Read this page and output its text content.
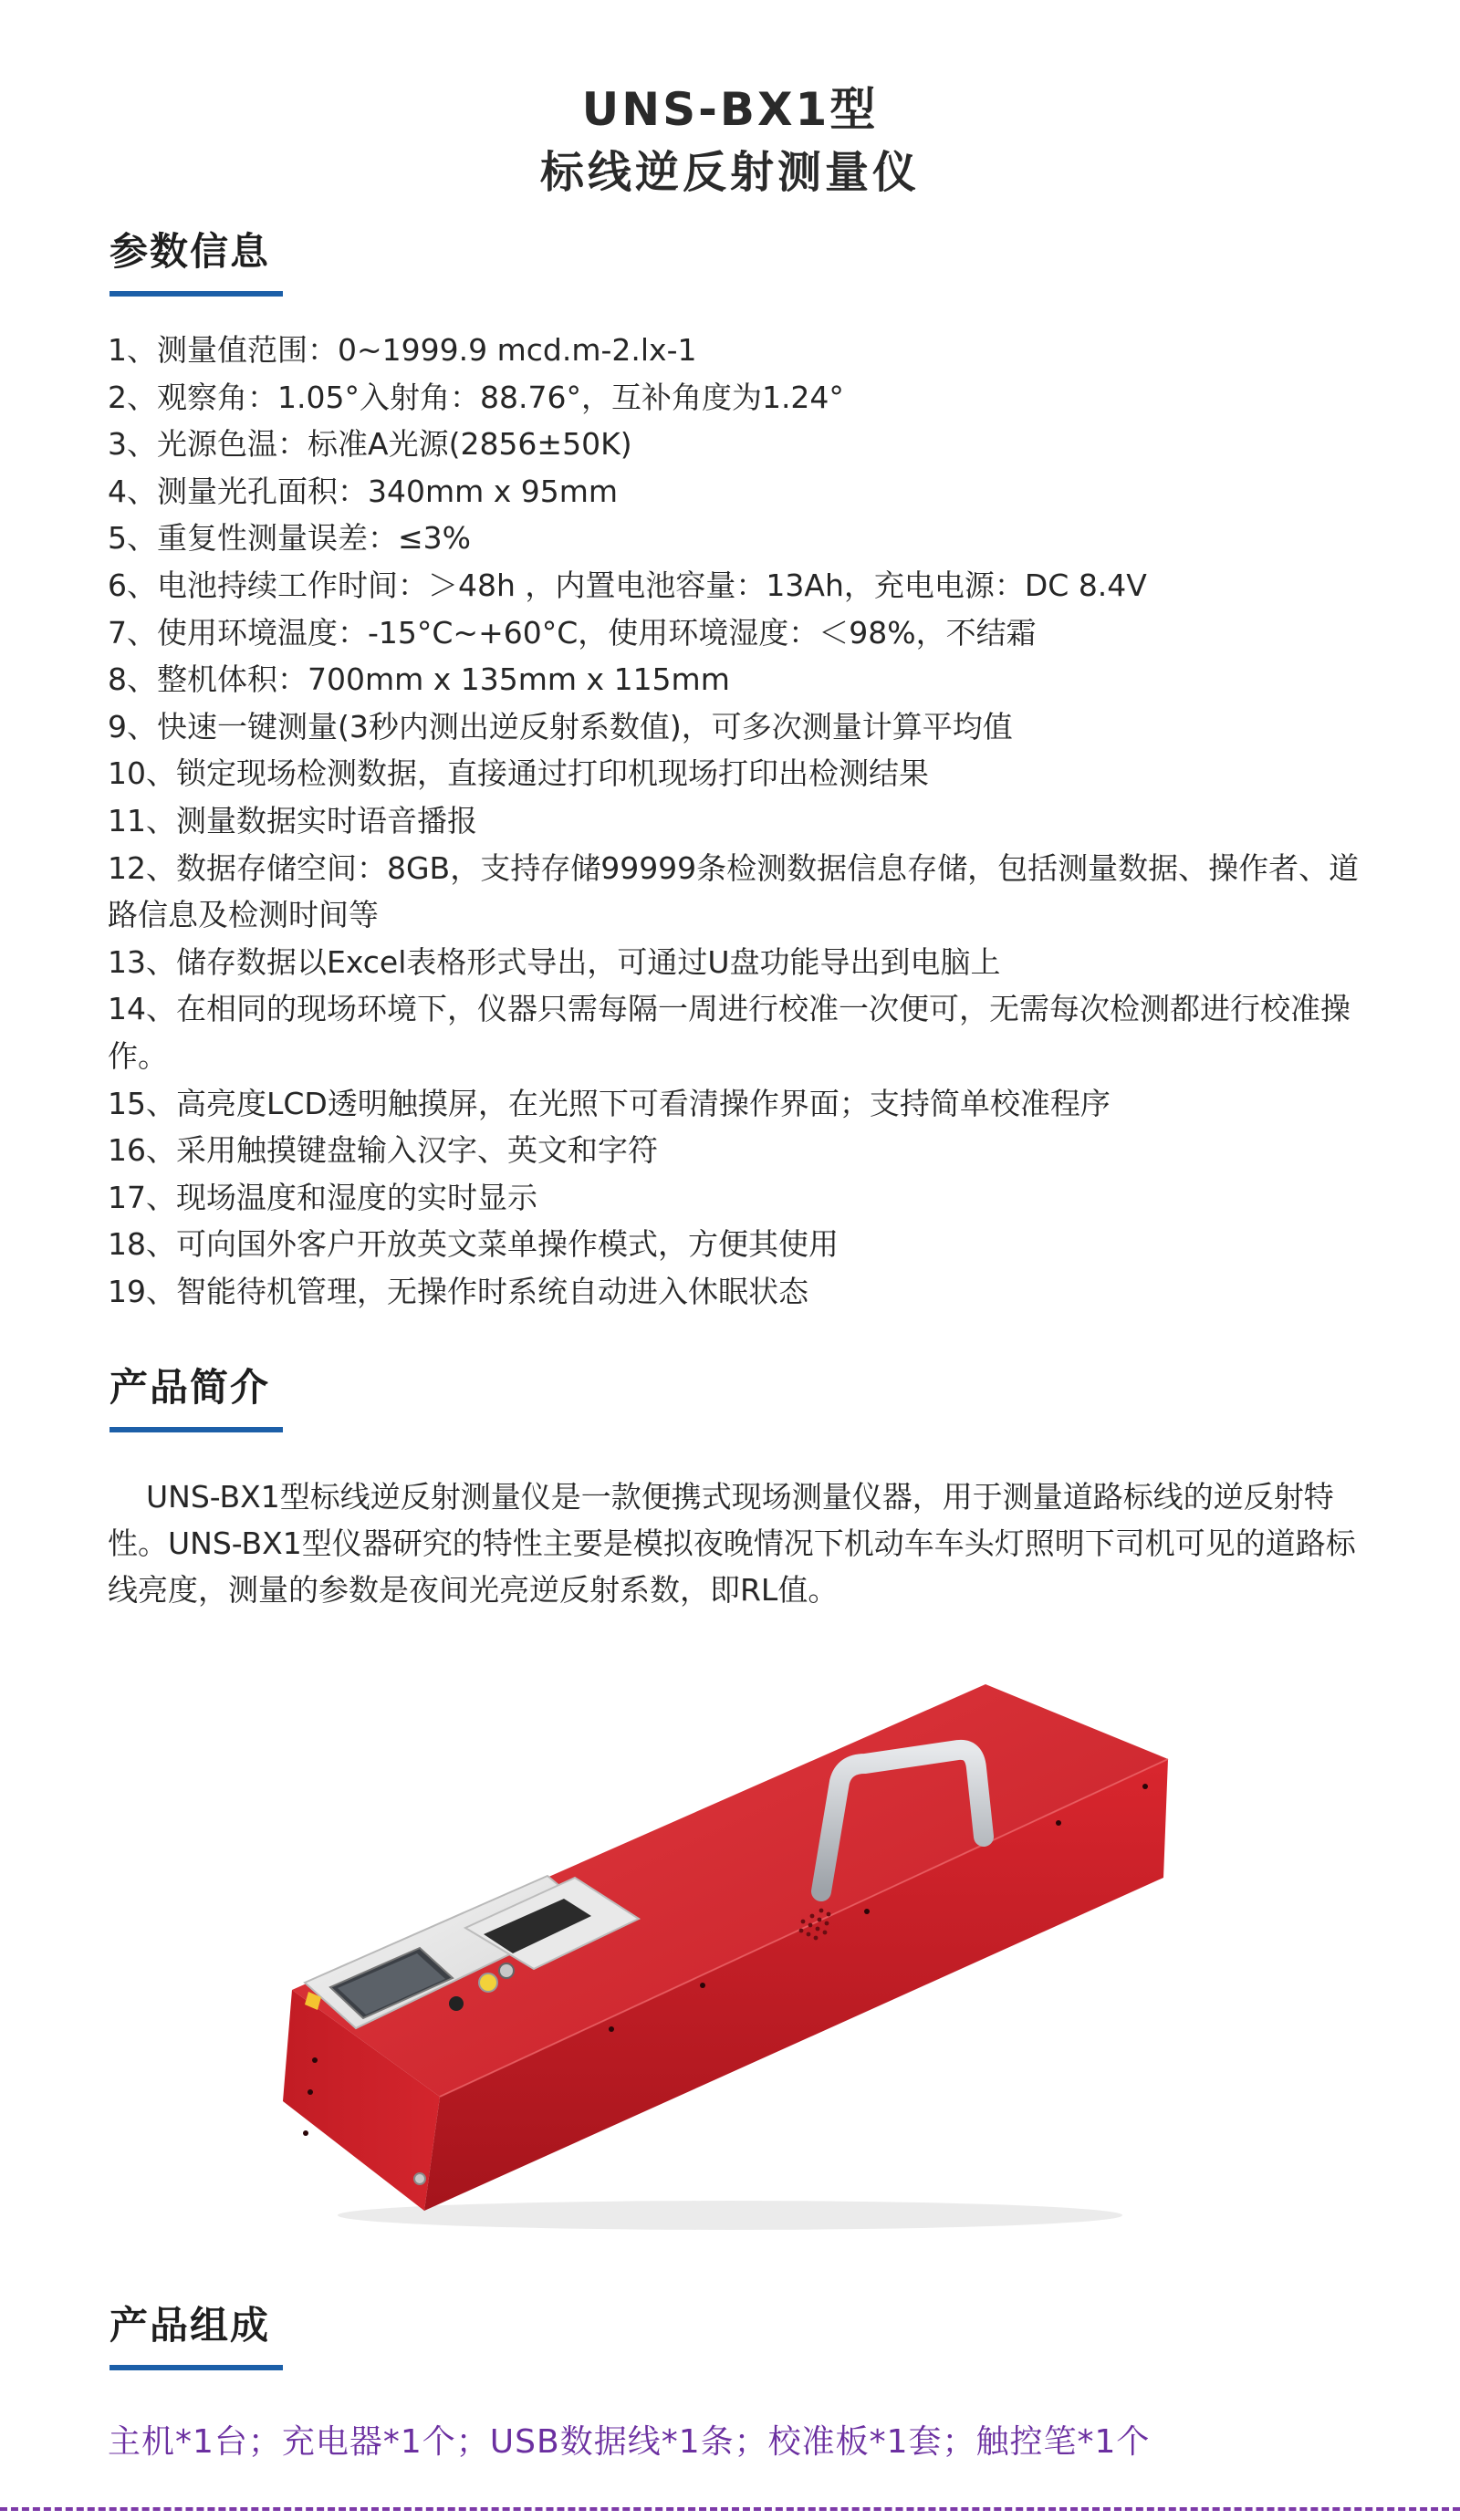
UNS-BX1型
标线逆反射测量仪
参数信息
1、测量值范围：0~1999.9 mcd.m-2.lx-1
2、观察角：1.05°入射角：88.76°，互补角度为1.24°
3、光源色温：标准A光源(2856±50K)
4、测量光孔面积：340mm x 95mm
5、重复性测量误差：≤3%
6、电池持续工作时间：＞48h ，内置电池容量：13Ah，充电电源：DC 8.4V
7、使用环境温度：-15°C~+60°C，使用环境湿度：＜98%，不结霜
8、整机体积：700mm x 135mm x 115mm
9、快速一键测量(3秒内测出逆反射系数值)，可多次测量计算平均值
10、锁定现场检测数据，直接通过打印机现场打印出检测结果
11、测量数据实时语音播报
12、数据存储空间：8GB，支持存储99999条检测数据信息存储，包括测量数据、操作者、道路信息及检测时间等
13、储存数据以Excel表格形式导出，可通过U盘功能导出到电脑上
14、在相同的现场环境下，仪器只需每隔一周进行校准一次便可，无需每次检测都进行校准操作。
15、高亮度LCD透明触摸屏，在光照下可看清操作界面；支持简单校准程序
16、采用触摸键盘输入汉字、英文和字符
17、现场温度和湿度的实时显示
18、可向国外客户开放英文菜单操作模式，方便其使用
19、智能待机管理，无操作时系统自动进入休眠状态
产品简介

UNS-BX1型标线逆反射测量仪是一款便携式现场测量仪器，用于测量道路标线的逆反射特性。UNS-BX1型仪器研究的特性主要是模拟夜晚情况下机动车车头灯照明下司机可见的道路标线亮度，测量的参数是夜间光亮逆反射系数，即RL值。

产品组成

主机*1台；充电器*1个；USB数据线*1条；校准板*1套；触控笔*1个
